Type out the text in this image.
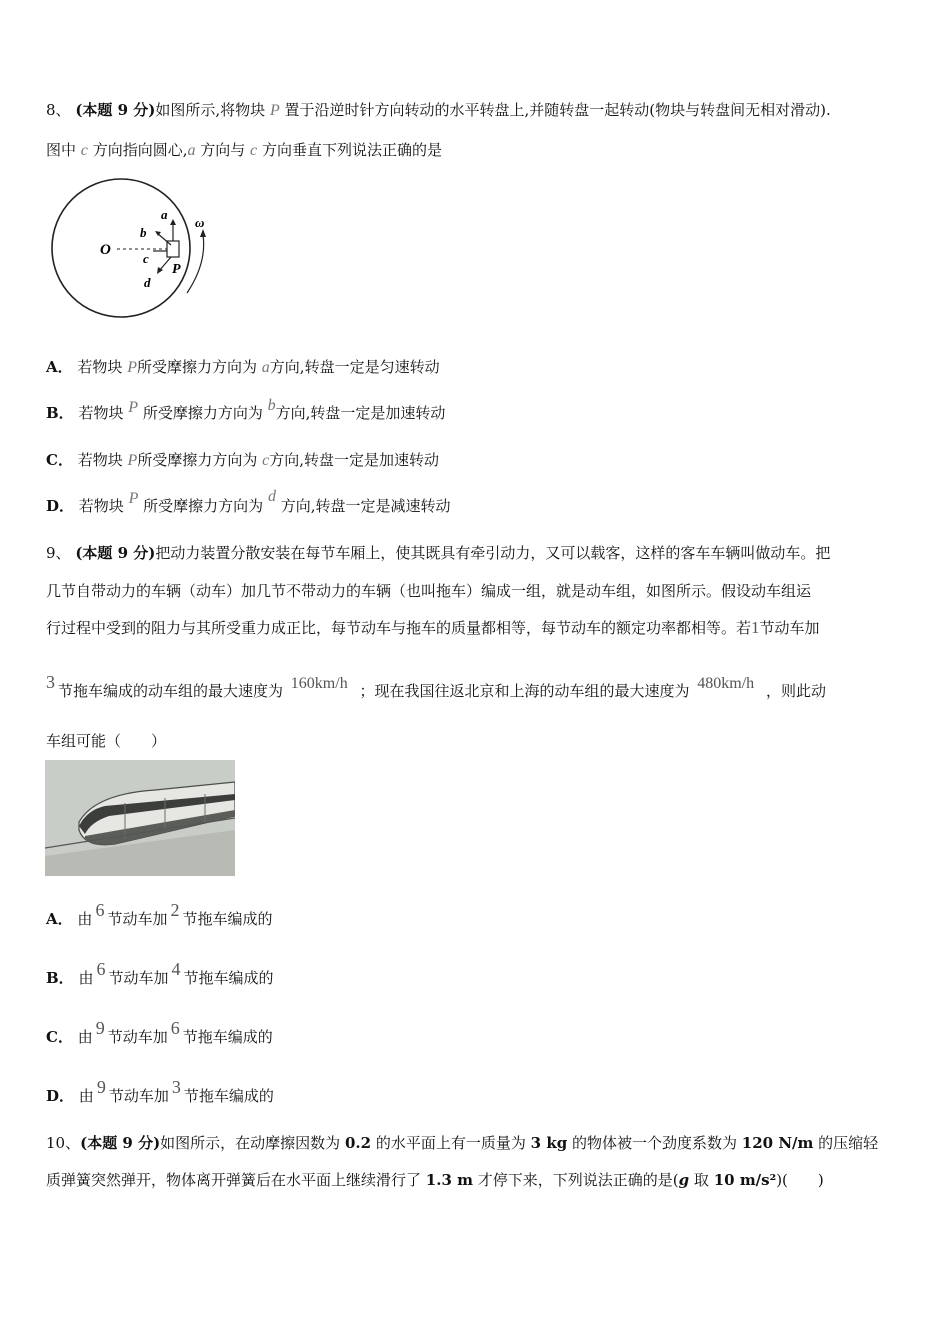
8、 (本题 9 分)如图所示,将物块 P 置于沿逆时针方向转动的水平转盘上,并随转盘一起转动(物块与转盘间无相对滑动).
图中 c 方向指向圆心,a 方向与 c 方向垂直下列说法正确的是
O
a
b
c
d
P
ω
A． 若物块 P所受摩擦力方向为 a方向,转盘一定是匀速转动
B． 若物块 P 所受摩擦力方向为 b方向,转盘一定是加速转动
C． 若物块 P所受摩擦力方向为 c方向,转盘一定是加速转动
D． 若物块 P 所受摩擦力方向为 d 方向,转盘一定是减速转动
9、 (本题 9 分)把动力装置分散安装在每节车厢上，使其既具有牵引动力，又可以载客，这样的客车车辆叫做动车。把
几节自带动力的车辆（动车）加几节不带动力的车辆（也叫拖车）编成一组，就是动车组，如图所示。假设动车组运
行过程中受到的阻力与其所受重力成正比，每节动车与拖车的质量都相等，每节动车的额定功率都相等。若1节动车加
3 节拖车编成的动车组的最大速度为 160km/h ；现在我国往返北京和上海的动车组的最大速度为 480km/h ，则此动
车组可能（　　）
A． 由 6 节动车加 2 节拖车编成的
B． 由 6 节动车加 4 节拖车编成的
C． 由 9 节动车加 6 节拖车编成的
D． 由 9 节动车加 3 节拖车编成的
10、(本题 9 分)如图所示，在动摩擦因数为 0.2 的水平面上有一质量为 3 kg 的物体被一个劲度系数为 120 N/m 的压缩轻
质弹簧突然弹开，物体离开弹簧后在水平面上继续滑行了 1.3 m 才停下来，下列说法正确的是(g 取 10 m/s²)(　　)
